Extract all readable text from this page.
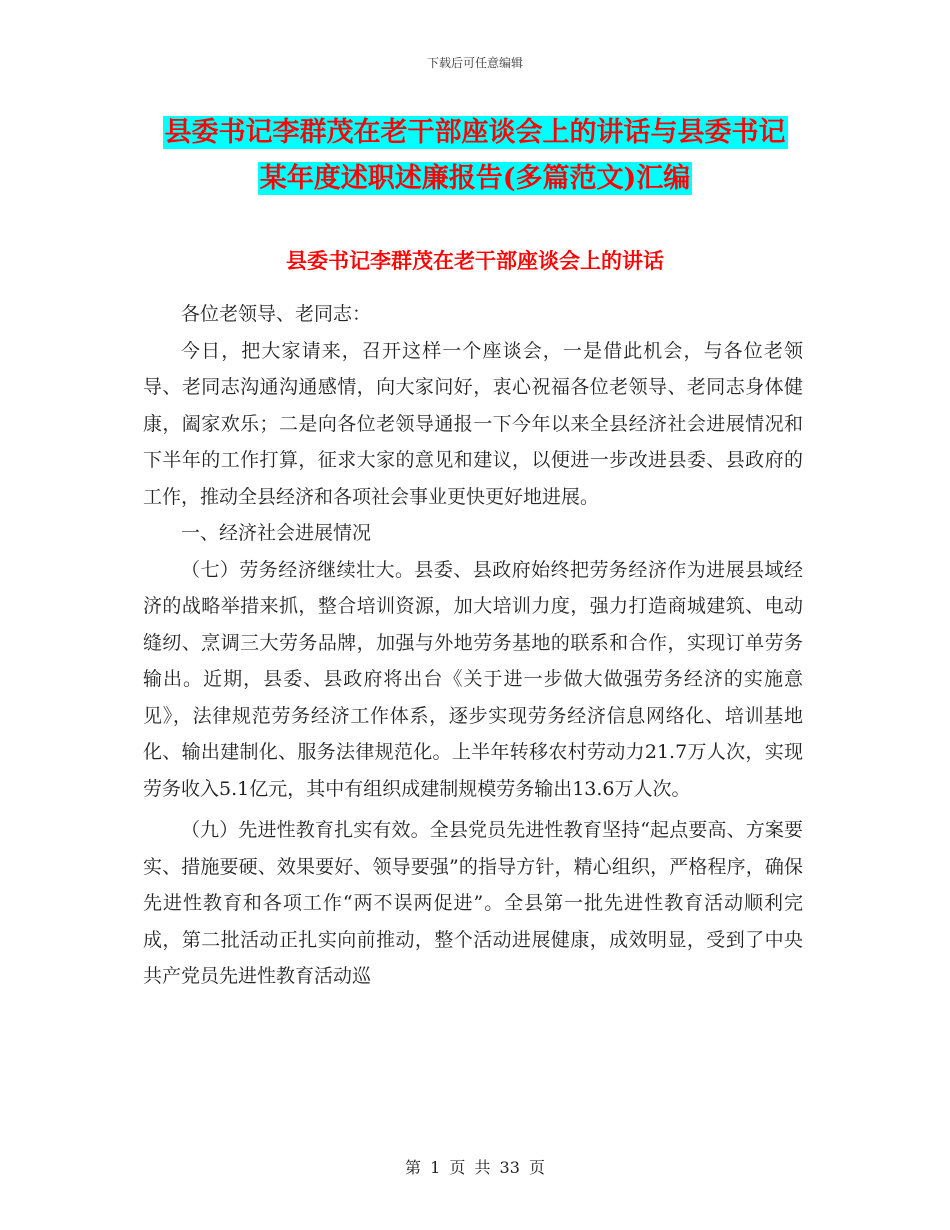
下载后可任意编辑
县委书记李群茂在老干部座谈会上的讲话与县委书记
某年度述职述廉报告(多篇范文)汇编
县委书记李群茂在老干部座谈会上的讲话

各位老领导、老同志：

今日，把大家请来，召开这样一个座谈会，一是借此机会，与各位老领导、老同志沟通沟通感情，向大家问好，衷心祝福各位老领导、老同志身体健康，阖家欢乐；二是向各位老领导通报一下今年以来全县经济社会进展情况和下半年的工作打算，征求大家的意见和建议，以便进一步改进县委、县政府的工作，推动全县经济和各项社会事业更快更好地进展。

一、经济社会进展情况

（七）劳务经济继续壮大。县委、县政府始终把劳务经济作为进展县域经济的战略举措来抓，整合培训资源，加大培训力度，强力打造商城建筑、电动缝纫、烹调三大劳务品牌，加强与外地劳务基地的联系和合作，实现订单劳务输出。近期，县委、县政府将出台《关于进一步做大做强劳务经济的实施意见》，法律规范劳务经济工作体系，逐步实现劳务经济信息网络化、培训基地化、输出建制化、服务法律规范化。上半年转移农村劳动力21.7万人次，实现劳务收入5.1亿元，其中有组织成建制规模劳务输出13.6万人次。

（九）先进性教育扎实有效。全县党员先进性教育坚持“起点要高、方案要实、措施要硬、效果要好、领导要强”的指导方针，精心组织，严格程序，确保先进性教育和各项工作“两不误两促进”。全县第一批先进性教育活动顺利完成，第二批活动正扎实向前推动，整个活动进展健康，成效明显，受到了中央共产党员先进性教育活动巡

第 1 页 共 33 页
